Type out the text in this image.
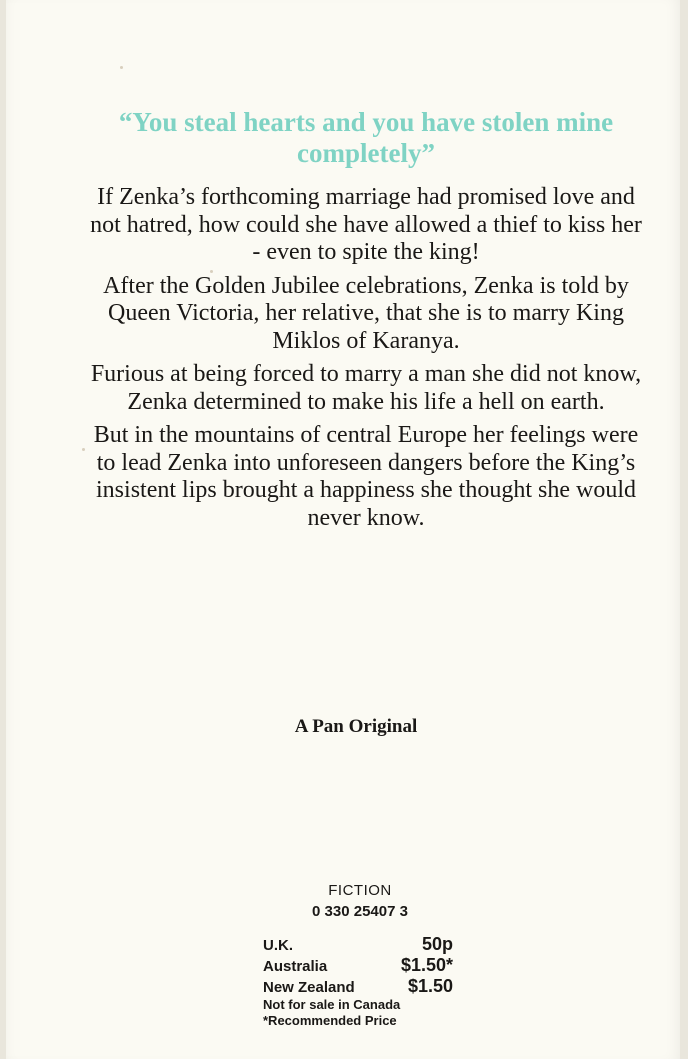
“You steal hearts and you have stolen mine completely”

If Zenka’s forthcoming marriage had promised love and not hatred, how could she have allowed a thief to kiss her - even to spite the king!

After the Golden Jubilee celebrations, Zenka is told by Queen Victoria, her relative, that she is to marry King Miklos of Karanya.

Furious at being forced to marry a man she did not know, Zenka determined to make his life a hell on earth.

But in the mountains of central Europe her feelings were to lead Zenka into unforeseen dangers before the King’s insistent lips brought a happiness she thought she would never know.

A Pan Original
FICTION
0 330 25407 3
U.K.	50p
Australia	$1.50*
New Zealand	$1.50
Not for sale in Canada
*Recommended Price
